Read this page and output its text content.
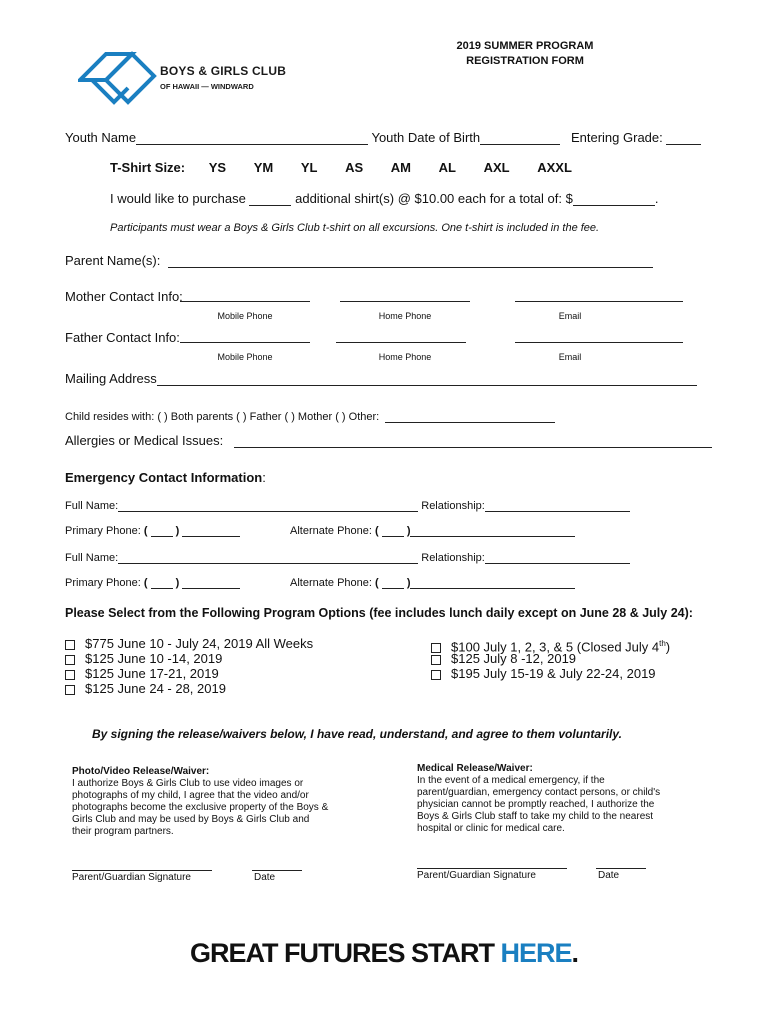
BOYS & GIRLS CLUB
OF HAWAII — WINDWARD
2019 SUMMER PROGRAM
REGISTRATION FORM
Youth Name	Youth Date of Birth	Entering Grade:
T-Shirt Size: YS YM YL AS AM AL AXL AXXL
I would like to purchase	additional shirt(s) @ $10.00 each for a total of: $	.
Participants must wear a Boys & Girls Club t-shirt on all excursions. One t-shirt is included in the fee.
Parent Name(s):
Mother Contact Info:
Mobile Phone	Home Phone	Email
Father Contact Info:
Mobile Phone	Home Phone	Email
Mailing Address
Child resides with: ( ) Both parents ( ) Father ( ) Mother ( ) Other:
Allergies or Medical Issues:
Emergency Contact Information:
Full Name:	Relationship:
Primary Phone: (	)	Alternate Phone: (	)
Full Name:	Relationship:
Primary Phone: (	)	Alternate Phone: (	)
Please Select from the Following Program Options (fee includes lunch daily except on June 28 & July 24):
$775 June 10 - July 24, 2019 All Weeks
$125 June 10 -14, 2019
$125 June 17-21, 2019
$125 June 24 - 28, 2019
$100 July 1, 2, 3, & 5 (Closed July 4th)
$125 July 8 -12, 2019
$195 July 15-19 & July 22-24, 2019
By signing the release/waivers below, I have read, understand, and agree to them voluntarily.
Photo/Video Release/Waiver:
I authorize Boys & Girls Club to use video images or
photographs of my child, I agree that the video and/or
photographs become the exclusive property of the Boys &
Girls Club and may be used by Boys & Girls Club and
their program partners.
Parent/Guardian Signature	Date
Medical Release/Waiver:
In the event of a medical emergency, if the
parent/guardian, emergency contact persons, or child's
physician cannot be promptly reached, I authorize the
Boys & Girls Club staff to take my child to the nearest
hospital or clinic for medical care.
Parent/Guardian Signature	Date
GREAT FUTURES START HERE.
